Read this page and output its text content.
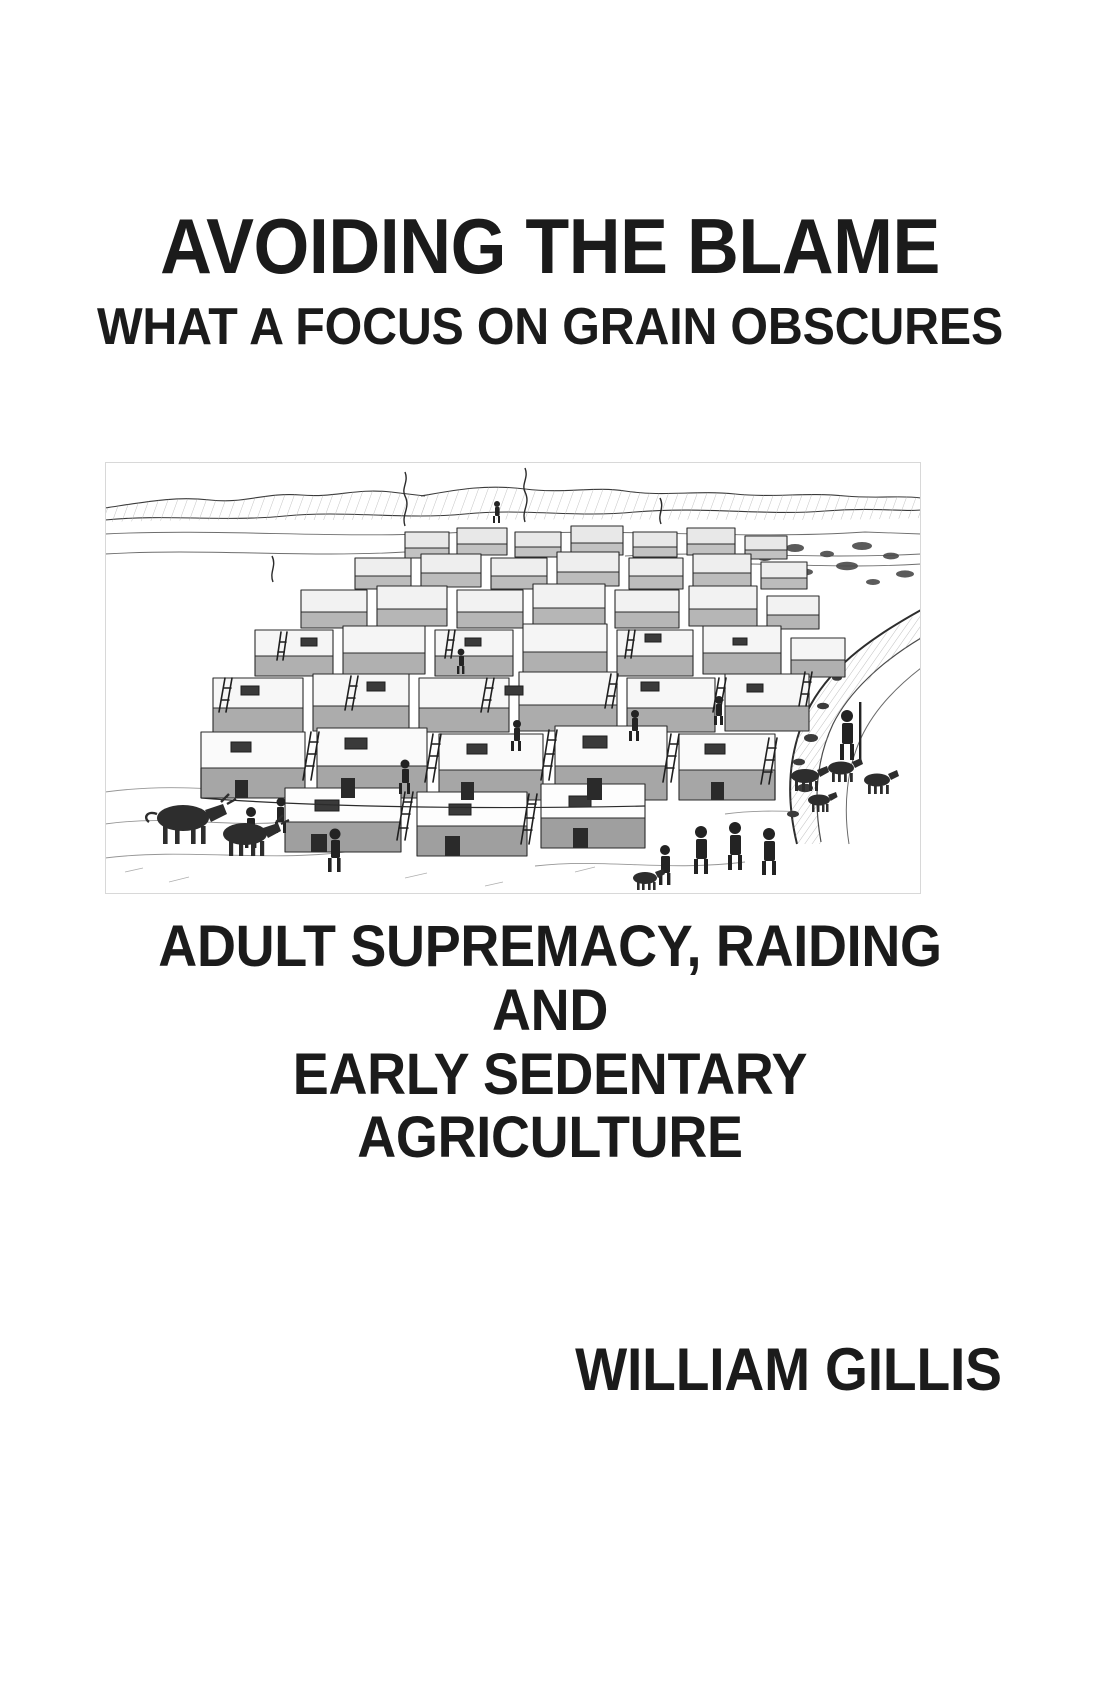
AVOIDING THE BLAME
WHAT A FOCUS ON GRAIN OBSCURES
ADULT SUPREMACY, RAIDING AND
EARLY SEDENTARY AGRICULTURE
WILLIAM GILLIS
